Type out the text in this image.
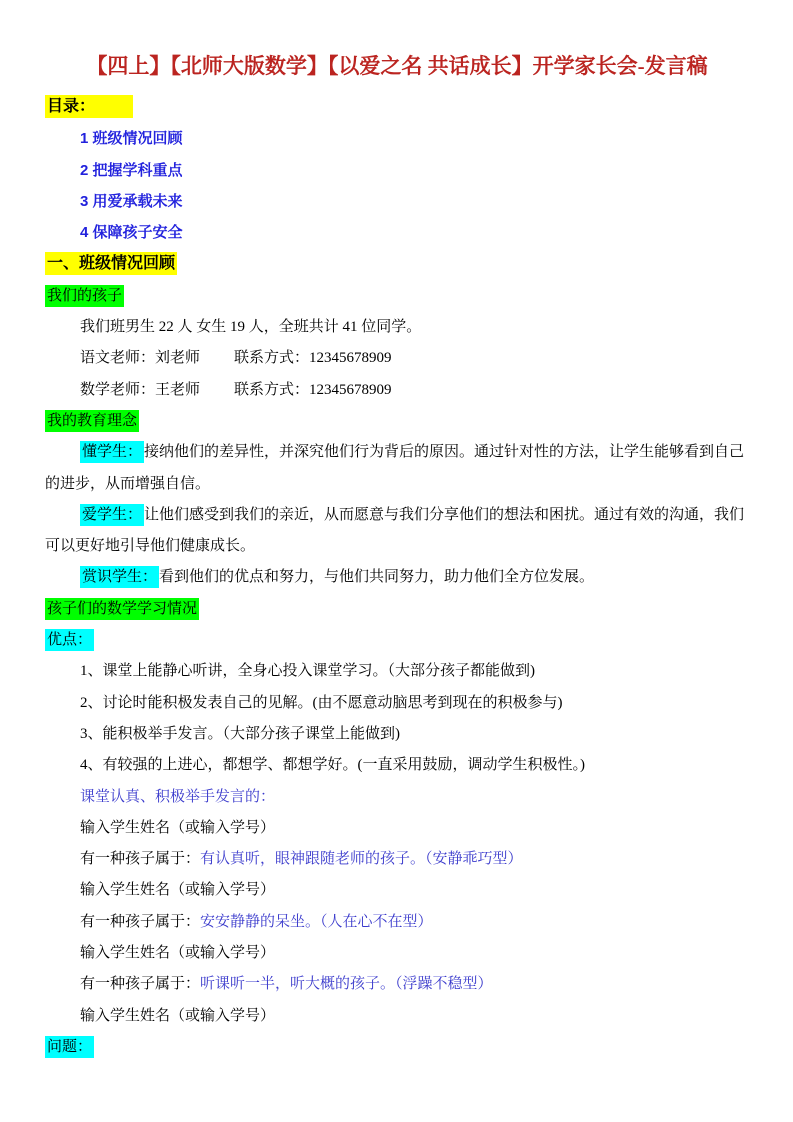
【四上】【北师大版数学】【以爱之名 共话成长】开学家长会-发言稿

目录：

1 班级情况回顾

2 把握学科重点

3 用爱承载未来

4 保障孩子安全

一、班级情况回顾

我们的孩子

我们班男生 22 人 女生 19 人，全班共计 41 位同学。

语文老师：刘老师 联系方式：12345678909

数学老师：王老师 联系方式：12345678909

我的教育理念

懂学生： 接纳他们的差异性，并深究他们行为背后的原因。通过针对性的方法，让学生能够看到自己的进步，从而增强自信。

爱学生： 让他们感受到我们的亲近，从而愿意与我们分享他们的想法和困扰。通过有效的沟通，我们可以更好地引导他们健康成长。

赏识学生： 看到他们的优点和努力，与他们共同努力，助力他们全方位发展。

孩子们的数学学习情况

优点：

1、课堂上能静心听讲，全身心投入课堂学习。（大部分孩子都能做到)

2、讨论时能积极发表自己的见解。(由不愿意动脑思考到现在的积极参与)

3、能积极举手发言。（大部分孩子课堂上能做到)

4、有较强的上进心，都想学、都想学好。(一直采用鼓励，调动学生积极性。)

课堂认真、积极举手发言的：

输入学生姓名（或输入学号）

有一种孩子属于：有认真听，眼神跟随老师的孩子。（安静乖巧型）

输入学生姓名（或输入学号）

有一种孩子属于：安安静静的呆坐。（人在心不在型）

输入学生姓名（或输入学号）

有一种孩子属于：听课听一半，听大概的孩子。（浮躁不稳型）

输入学生姓名（或输入学号）

问题：
